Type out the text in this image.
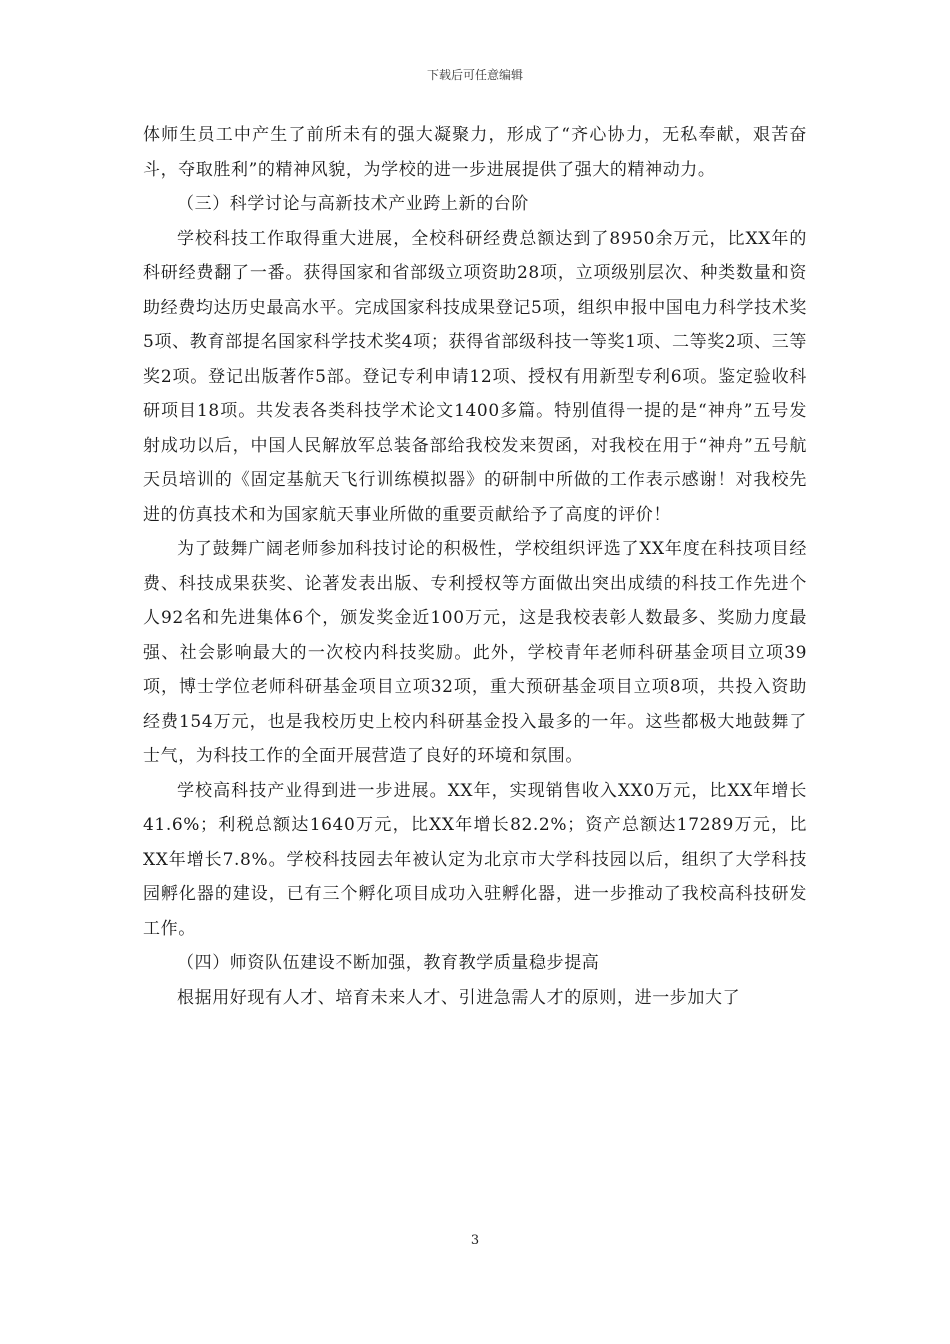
下载后可任意编辑

体师生员工中产生了前所未有的强大凝聚力，形成了“齐心协力，无私奉献，艰苦奋斗，夺取胜利”的精神风貌，为学校的进一步进展提供了强大的精神动力。

（三）科学讨论与高新技术产业跨上新的台阶

学校科技工作取得重大进展，全校科研经费总额达到了8950余万元，比XX年的科研经费翻了一番。获得国家和省部级立项资助28项，立项级别层次、种类数量和资助经费均达历史最高水平。完成国家科技成果登记5项，组织申报中国电力科学技术奖5项、教育部提名国家科学技术奖4项；获得省部级科技一等奖1项、二等奖2项、三等奖2项。登记出版著作5部。登记专利申请12项、授权有用新型专利6项。鉴定验收科研项目18项。共发表各类科技学术论文1400多篇。特别值得一提的是“神舟”五号发射成功以后，中国人民解放军总装备部给我校发来贺函，对我校在用于“神舟”五号航天员培训的《固定基航天飞行训练模拟器》的研制中所做的工作表示感谢！对我校先进的仿真技术和为国家航天事业所做的重要贡献给予了高度的评价！

为了鼓舞广阔老师参加科技讨论的积极性，学校组织评选了XX年度在科技项目经费、科技成果获奖、论著发表出版、专利授权等方面做出突出成绩的科技工作先进个人92名和先进集体6个，颁发奖金近100万元，这是我校表彰人数最多、奖励力度最强、社会影响最大的一次校内科技奖励。此外，学校青年老师科研基金项目立项39项，博士学位老师科研基金项目立项32项，重大预研基金项目立项8项，共投入资助经费154万元，也是我校历史上校内科研基金投入最多的一年。这些都极大地鼓舞了士气，为科技工作的全面开展营造了良好的环境和氛围。

学校高科技产业得到进一步进展。XX年，实现销售收入XX0万元，比XX年增长41.6%；利税总额达1640万元，比XX年增长82.2%；资产总额达17289万元，比XX年增长7.8%。学校科技园去年被认定为北京市大学科技园以后，组织了大学科技园孵化器的建设，已有三个孵化项目成功入驻孵化器，进一步推动了我校高科技研发工作。

（四）师资队伍建设不断加强，教育教学质量稳步提高

根据用好现有人才、培育未来人才、引进急需人才的原则，进一步加大了

3
